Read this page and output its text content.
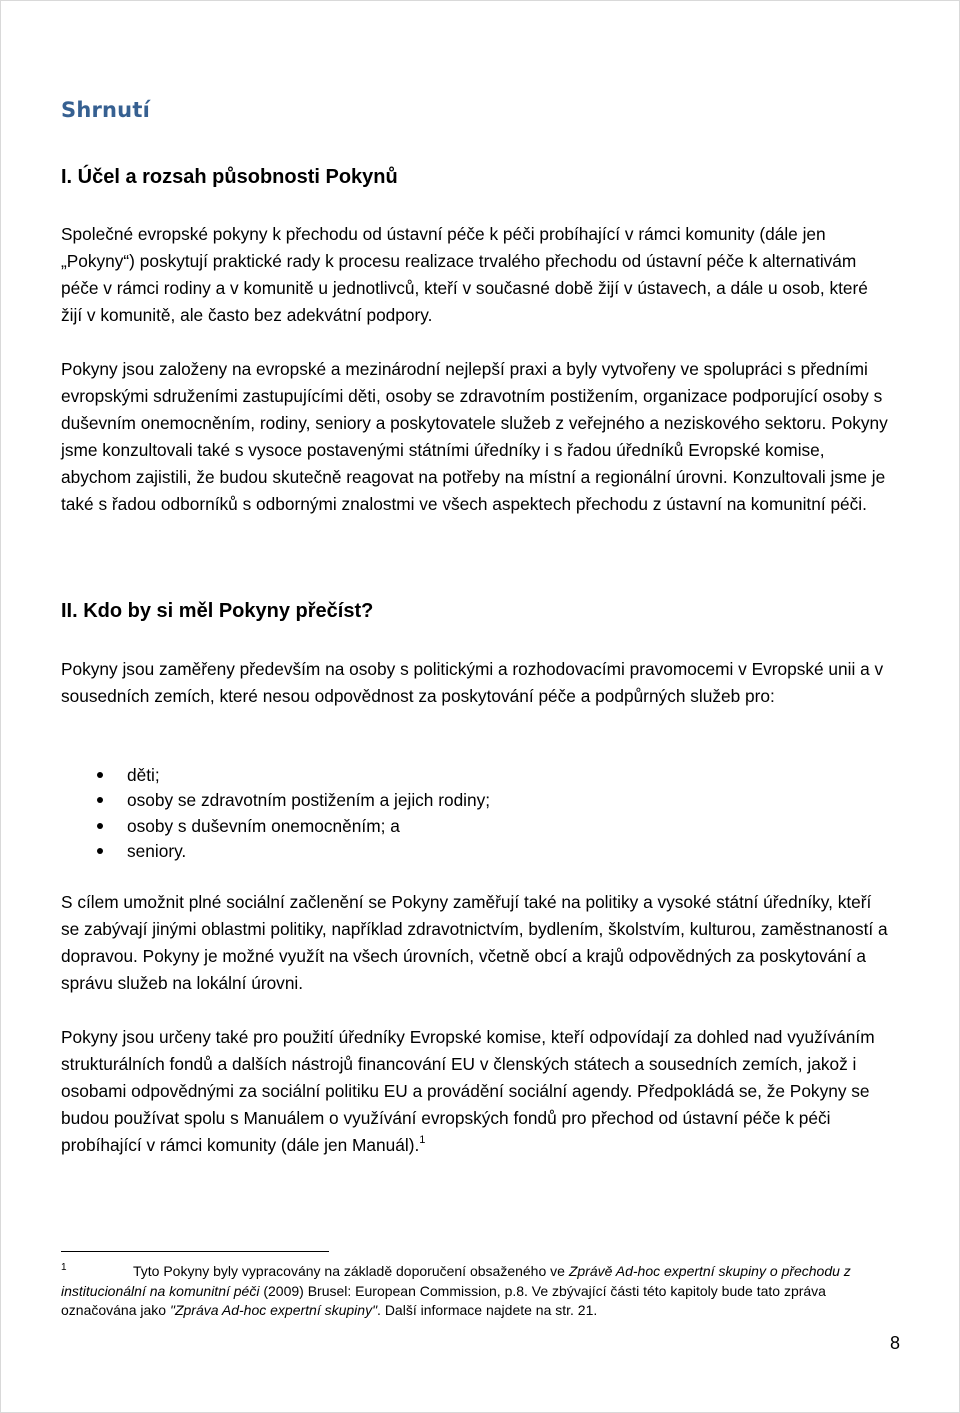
Shrnutí
I. Účel a rozsah působnosti Pokynů

Společné evropské pokyny k přechodu od ústavní péče k péči probíhající v rámci komunity (dále jen „Pokyny“) poskytují praktické rady k procesu realizace trvalého přechodu od ústavní péče k alternativám péče v rámci rodiny a v komunitě u jednotlivců, kteří v současné době žijí v ústavech, a dále u osob, které žijí v komunitě, ale často bez adekvátní podpory.

Pokyny jsou založeny na evropské a mezinárodní nejlepší praxi a byly vytvořeny ve spolupráci s předními evropskými sdruženími zastupujícími děti, osoby se zdravotním postižením, organizace podporující osoby s duševním onemocněním, rodiny, seniory a poskytovatele služeb z veřejného a neziskového sektoru. Pokyny jsme konzultovali také s vysoce postavenými státními úředníky i s řadou úředníků Evropské komise, abychom zajistili, že budou skutečně reagovat na potřeby na místní a regionální úrovni. Konzultovali jsme je také s řadou odborníků s odbornými znalostmi ve všech aspektech přechodu z ústavní na komunitní péči.

II. Kdo by si měl Pokyny přečíst?

Pokyny jsou zaměřeny především na osoby s politickými a rozhodovacími pravomocemi v Evropské unii a v sousedních zemích, které nesou odpovědnost za poskytování péče a podpůrných služeb pro:

děti;
osoby se zdravotním postižením a jejich rodiny;
osoby s duševním onemocněním; a
seniory.

S cílem umožnit plné sociální začlenění se Pokyny zaměřují také na politiky a vysoké státní úředníky, kteří se zabývají jinými oblastmi politiky, například zdravotnictvím, bydlením, školstvím, kulturou, zaměstnaností a dopravou. Pokyny je možné využít na všech úrovních, včetně obcí a krajů odpovědných za poskytování a správu služeb na lokální úrovni.

Pokyny jsou určeny také pro použití úředníky Evropské komise, kteří odpovídají za dohled nad využíváním strukturálních fondů a dalších nástrojů financování EU v členských státech a sousedních zemích, jakož i osobami odpovědnými za sociální politiku EU a provádění sociální agendy. Předpokládá se, že Pokyny se budou používat spolu s Manuálem o využívání evropských fondů pro přechod od ústavní péče k péči probíhající v rámci komunity (dále jen Manuál).$^1$

1	Tyto Pokyny byly vypracovány na základě doporučení obsaženého ve Zprávě Ad-hoc expertní skupiny o přechodu z institucionální na komunitní péči (2009) Brusel: European Commission, p.8. Ve zbývající části této kapitoly bude tato zpráva označována jako "Zpráva Ad-hoc expertní skupiny". Další informace najdete na str. 21.

8
